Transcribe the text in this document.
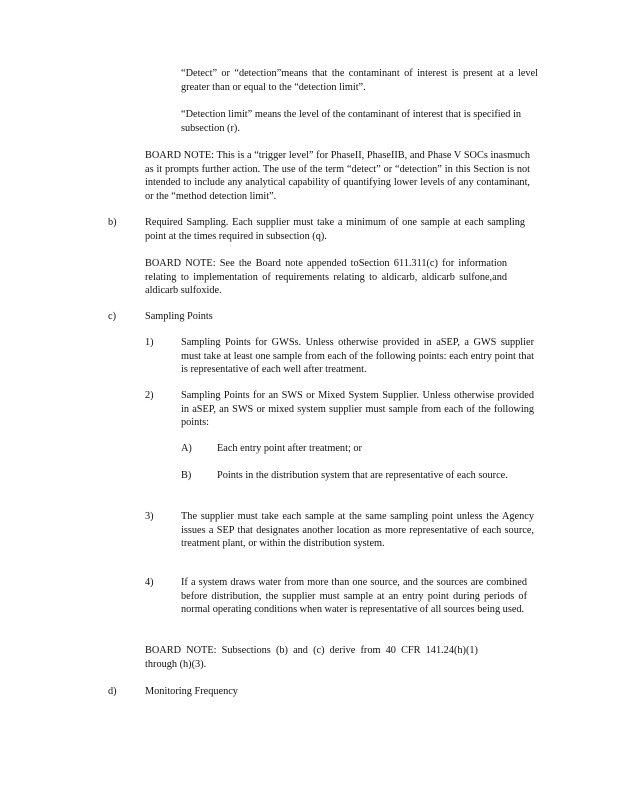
“Detect” or “detection”means that the contaminant of interest is present at a level greater than or equal to the “detection limit”.

“Detection limit” means the level of the contaminant of interest that is specified in subsection (r).

BOARD NOTE: This is a “trigger level” for PhaseII, PhaseIIB, and Phase V SOCs inasmuch as it prompts further action. The use of the term “detect” or “detection” in this Section is not intended to include any analytical capability of quantifying lower levels of any contaminant, or the “method detection limit”.

b)	Required Sampling. Each supplier must take a minimum of one sample at each sampling point at the times required in subsection (q).

BOARD NOTE: See the Board note appended toSection 611.311(c) for information relating to implementation of requirements relating to aldicarb, aldicarb sulfone,and aldicarb sulfoxide.

c)	Sampling Points

1)	Sampling Points for GWSs. Unless otherwise provided in aSEP, a GWS supplier must take at least one sample from each of the following points: each entry point that is representative of each well after treatment.

2)	Sampling Points for an SWS or Mixed System Supplier. Unless otherwise provided in aSEP, an SWS or mixed system supplier must sample from each of the following points:

A) Each entry point after treatment; or

B) Points in the distribution system that are representative of each source.

3)	The supplier must take each sample at the same sampling point unless the Agency issues a SEP that designates another location as more representative of each source, treatment plant, or within the distribution system.

4)	If a system draws water from more than one source, and the sources are combined before distribution, the supplier must sample at an entry point during periods of normal operating conditions when water is representative of all sources being used.

BOARD NOTE: Subsections (b) and (c) derive from 40 CFR 141.24(h)(1) through (h)(3).

d)	Monitoring Frequency
